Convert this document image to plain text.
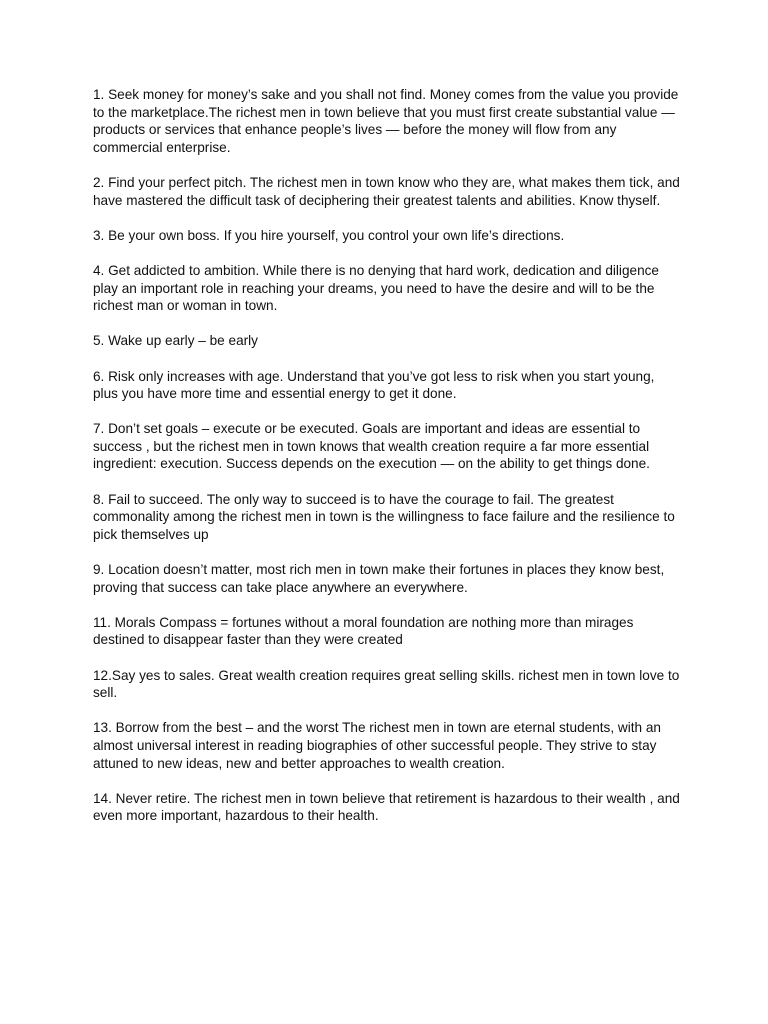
1. Seek money for money’s sake and you shall not find. Money comes from the value you provide to the marketplace.The richest men in town believe that you must first create substantial value — products or services that enhance people’s lives — before the money will flow from any commercial enterprise.

2. Find your perfect pitch. The richest men in town know who they are, what makes them tick, and have mastered the difficult task of deciphering their greatest talents and abilities. Know thyself.

3. Be your own boss. If you hire yourself, you control your own life’s directions.

4. Get addicted to ambition. While there is no denying that hard work, dedication and diligence play an important role in reaching your dreams, you need to have the desire and will to be the richest man or woman in town.

5. Wake up early – be early

6. Risk only increases with age. Understand that you’ve got less to risk when you start young, plus you have more time and essential energy to get it done.

7. Don’t set goals – execute or be executed. Goals are important and ideas are essential to success , but the richest men in town knows that wealth creation require a far more essential ingredient: execution. Success depends on the execution — on the ability to get things done.

8. Fail to succeed. The only way to succeed is to have the courage to fail. The greatest commonality among the richest men in town is the willingness to face failure and the resilience to pick themselves up

9. Location doesn’t matter, most rich men in town make their fortunes in places they know best, proving that success can take place anywhere an everywhere.

11. Morals Compass = fortunes without a moral foundation are nothing more than mirages destined to disappear faster than they were created

12.Say yes to sales. Great wealth creation requires great selling skills. richest men in town love to sell.

13. Borrow from the best – and the worst The richest men in town are eternal students, with an almost universal interest in reading biographies of other successful people. They strive to stay attuned to new ideas, new and better approaches to wealth creation.

14. Never retire. The richest men in town believe that retirement is hazardous to their wealth , and even more important, hazardous to their health.
